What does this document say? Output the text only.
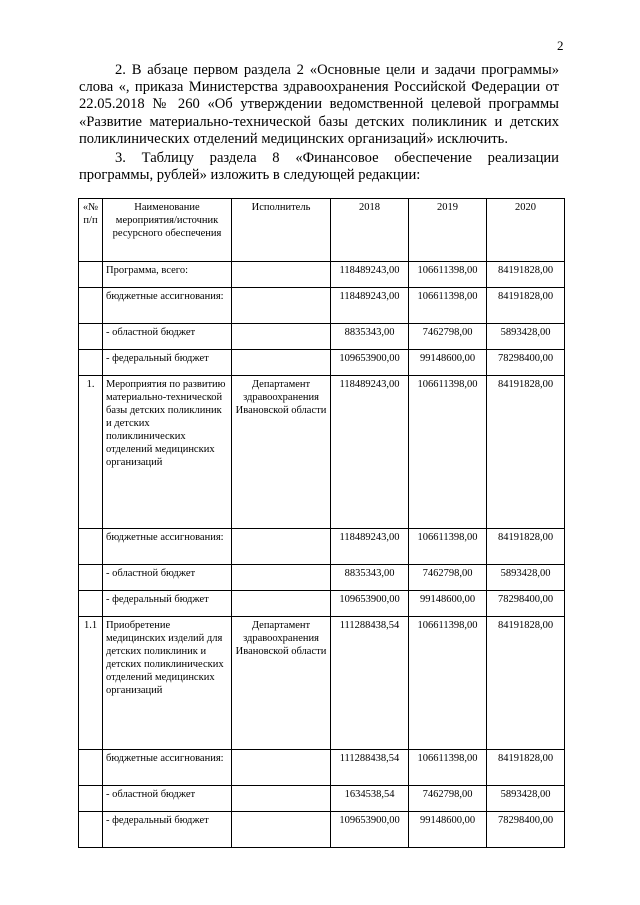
2
2. В абзаце первом раздела 2 «Основные цели и задачи программы» слова «, приказа Министерства здравоохранения Российской Федерации от 22.05.2018 № 260 «Об утверждении ведомственной целевой программы «Развитие материально-технической базы детских поликлиник и детских поликлинических отделений медицинских организаций» исключить.
3. Таблицу раздела 8 «Финансовое обеспечение реализации программы, рублей» изложить в следующей редакции:
«№ п/п	Наименование мероприятия/источник ресурсного обеспечения	Исполнитель	2018	2019	2020
	Программа, всего:		118489243,00	106611398,00	84191828,00
	бюджетные ассигнования:		118489243,00	106611398,00	84191828,00
	- областной бюджет		8835343,00	7462798,00	5893428,00
	- федеральный бюджет		109653900,00	99148600,00	78298400,00
1.	Мероприятия по развитию материально-технической базы детских поликлиник и детских поликлинических отделений медицинских организаций	Департамент здравоохранения Ивановской области	118489243,00	106611398,00	84191828,00
	бюджетные ассигнования:		118489243,00	106611398,00	84191828,00
	- областной бюджет		8835343,00	7462798,00	5893428,00
	- федеральный бюджет		109653900,00	99148600,00	78298400,00
1.1	Приобретение медицинских изделий для детских поликлиник и детских поликлинических отделений медицинских организаций	Департамент здравоохранения Ивановской области	111288438,54	106611398,00	84191828,00
	бюджетные ассигнования:		111288438,54	106611398,00	84191828,00
	- областной бюджет		1634538,54	7462798,00	5893428,00
	- федеральный бюджет		109653900,00	99148600,00	78298400,00
